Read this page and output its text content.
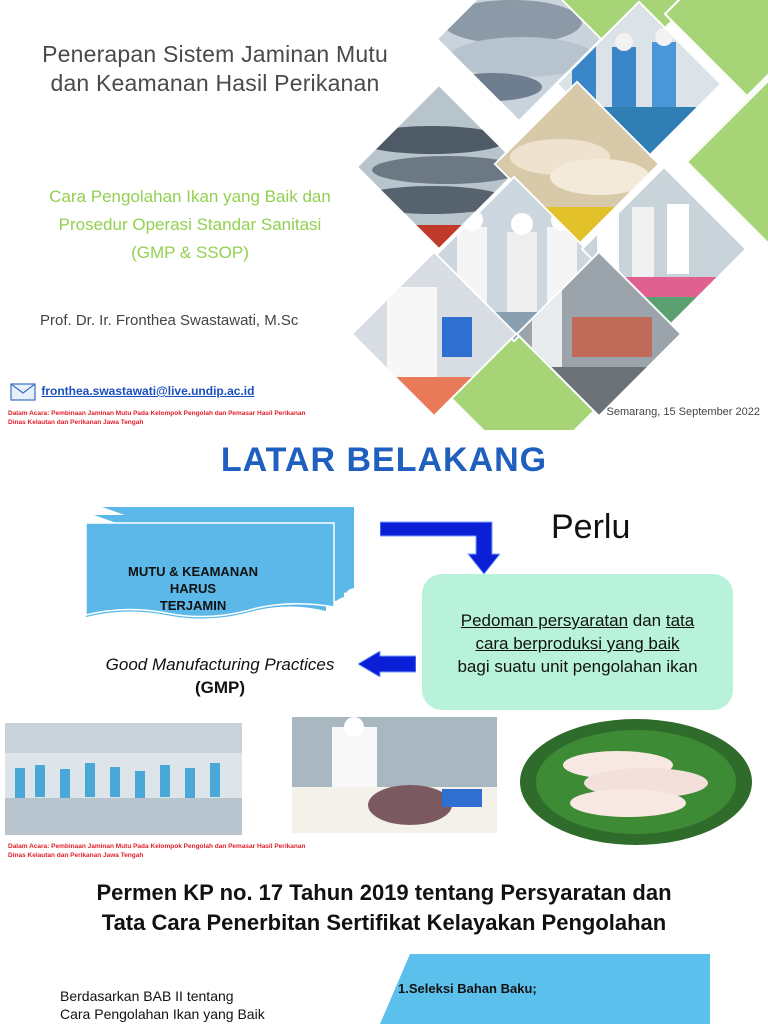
Penerapan Sistem Jaminan Mutu
dan Keamanan Hasil Perikanan
Cara Pengolahan Ikan yang Baik dan
Prosedur Operasi Standar Sanitasi
(GMP & SSOP)
Prof. Dr. Ir. Fronthea Swastawati, M.Sc
fronthea.swastawati@live.undip.ac.id
Dalam Acara: Pembinaan Jaminan Mutu Pada Kelompok Pengolah dan Pemasar Hasil Perikanan
Dinas Kelautan dan Perikanan Jawa Tengah
Semarang, 15 September 2022
LATAR BELAKANG
MUTU & KEAMANAN HARUS
TERJAMIN
Perlu
Pedoman persyaratan dan tata
cara berproduksi yang baik
bagi suatu unit pengolahan ikan
Good Manufacturing Practices
(GMP)
Dalam Acara: Pembinaan Jaminan Mutu Pada Kelompok Pengolah dan Pemasar Hasil Perikanan
Dinas Kelautan dan Perikanan Jawa Tengah
Permen KP no. 17 Tahun 2019 tentang Persyaratan dan
Tata Cara Penerbitan Sertifikat Kelayakan Pengolahan
1.Seleksi Bahan Baku;
Berdasarkan BAB II tentang
Cara Pengolahan Ikan yang Baik
